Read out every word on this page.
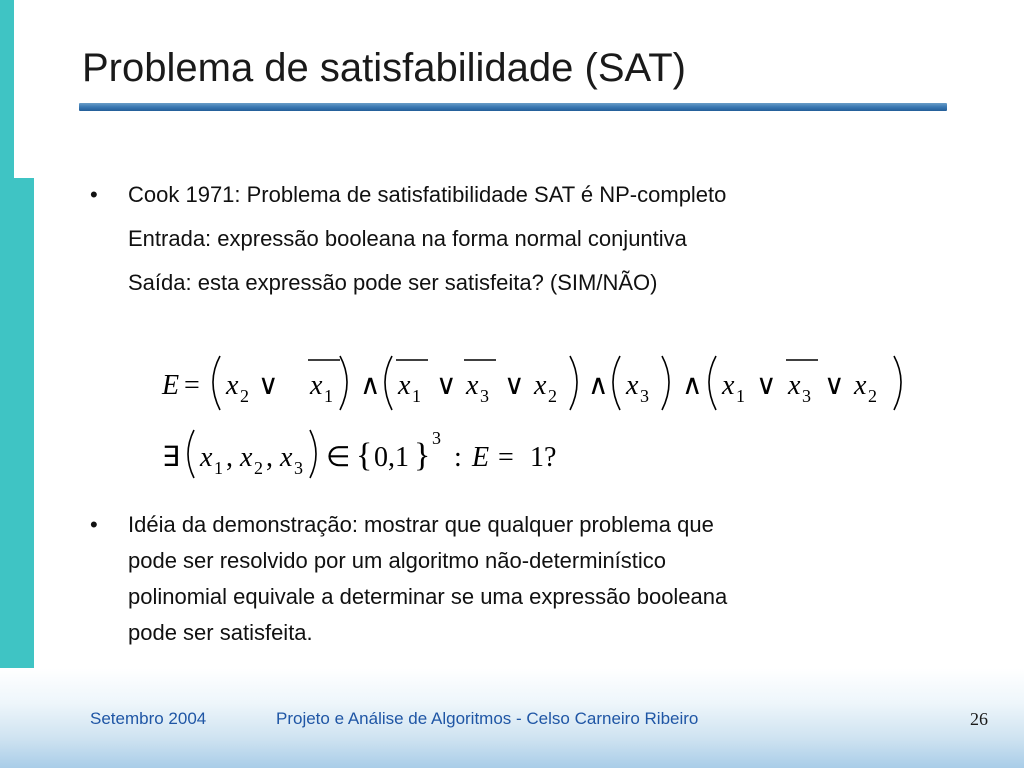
Problema de satisfabilidade (SAT)
• Cook 1971: Problema de satisfatibilidade SAT é NP-completo
Entrada: expressão booleana na forma normal conjuntiva
Saída: esta expressão pode ser satisfeita? (SIM/NÃO)
E = x 2 ∨ x 1 ∧ x 1 ∨ x 3 ∨ x 2 ∧ x 3 ∧ x 1 ∨ x 3 ∨ x 2
∃ x 1 , x 2 , x 3 ∈ { 0,1 } 3
: E = 1?
• Idéia da demonstração: mostrar que qualquer problema que
pode ser resolvido por um algoritmo não-determinístico
polinomial equivale a determinar se uma expressão booleana
pode ser satisfeita.
Setembro 2004	Projeto e Análise de Algoritmos - Celso Carneiro Ribeiro	26
